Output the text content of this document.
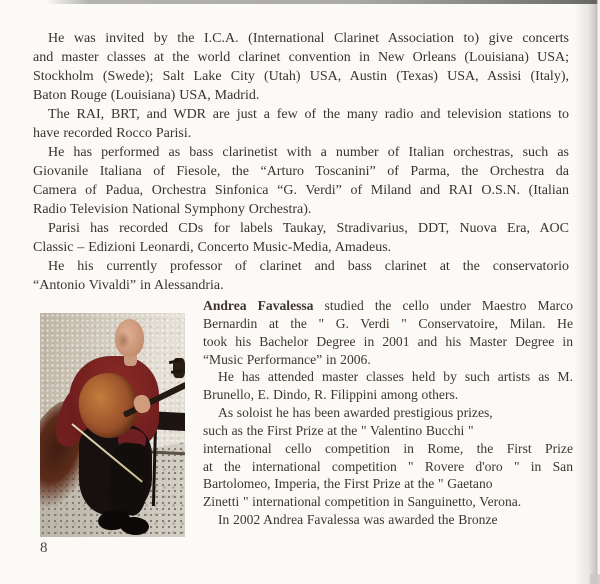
He was invited by the I.C.A. (International Clarinet Association to) give concerts
and master classes at the world clarinet convention in New Orleans (Louisiana) USA;
Stockholm (Swede); Salt Lake City (Utah) USA, Austin (Texas) USA, Assisi (Italy),
Baton Rouge (Louisiana) USA, Madrid.
The RAI, BRT, and WDR are just a few of the many radio and television stations to
have recorded Rocco Parisi.
He has performed as bass clarinetist with a number of Italian orchestras, such as
Giovanile Italiana of Fiesole, the “Arturo Toscanini” of Parma, the Orchestra da
Camera of Padua, Orchestra Sinfonica “G. Verdi” of Miland and RAI O.S.N. (Italian
Radio Television National Symphony Orchestra).
Parisi has recorded CDs for labels Taukay, Stradivarius, DDT, Nuova Era, AOC
Classic – Edizioni Leonardi, Concerto Music-Media, Amadeus.
He his currently professor of clarinet and bass clarinet at the conservatorio
“Antonio Vivaldi” in Alessandria.
Andrea Favalessa studied the cello under Maestro Marco
Bernardin at the " G. Verdi " Conservatoire, Milan. He
took his Bachelor Degree in 2001 and his Master Degree in
“Music Performance” in 2006.
He has attended master classes held by such artists as M.
Brunello, E. Dindo, R. Filippini among others.
As soloist he has been awarded prestigious prizes,
such as the First Prize at the " Valentino Bucchi "
international cello competition in Rome, the First Prize
at the international competition " Rovere d'oro " in San
Bartolomeo, Imperia, the First Prize at the " Gaetano
Zinetti " international competition in Sanguinetto, Verona.
In 2002 Andrea Favalessa was awarded the Bronze
8
